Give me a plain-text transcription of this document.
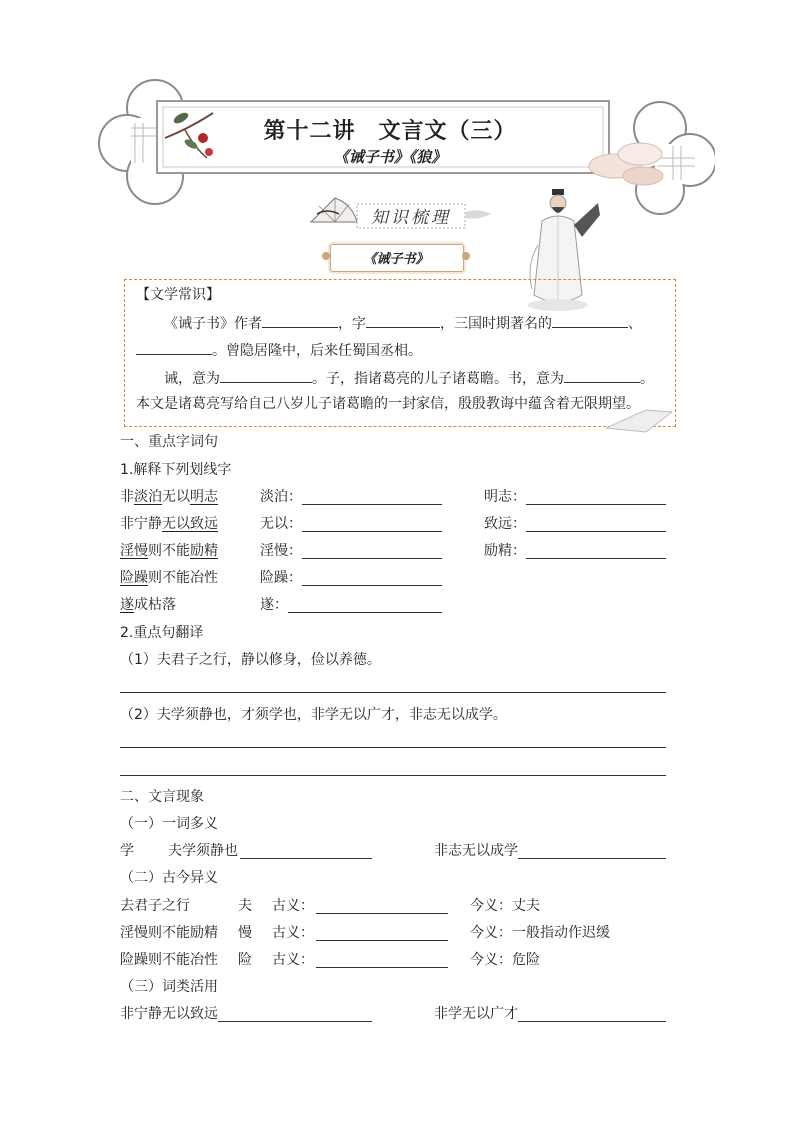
第十二讲　文言文（三）
《诫子书》《狼》
知识梳理
《诫子书》
【文学常识】
《诫子书》作者	，字	，三国时期著名的	、
。曾隐居隆中，后来任蜀国丞相。
诫，意为	。子，指诸葛亮的儿子诸葛瞻。书，意为	。
本文是诸葛亮写给自己八岁儿子诸葛瞻的一封家信，殷殷教诲中蕴含着无限期望。
一、重点字词句
1.解释下列划线字
非淡泊无以明志	淡泊：	明志：
非宁静无以致远	无以：	致远：
淫慢则不能励精	淫慢：	励精：
险躁则不能冶性	险躁：
遂成枯落	遂：
2.重点句翻译
（1）夫君子之行，静以修身，俭以养德。
（2）夫学须静也，才须学也，非学无以广才，非志无以成学。
二、文言现象
（一）一词多义
学 夫学须静也	非志无以成学
（二）古今异义
去君子之行	夫 古义：	今义：丈夫
淫慢则不能励精 慢 古义：	今义：一般指动作迟缓
险躁则不能冶性 险 古义：	今义：危险
（三）词类活用
非宁静无以致远	非学无以广才
